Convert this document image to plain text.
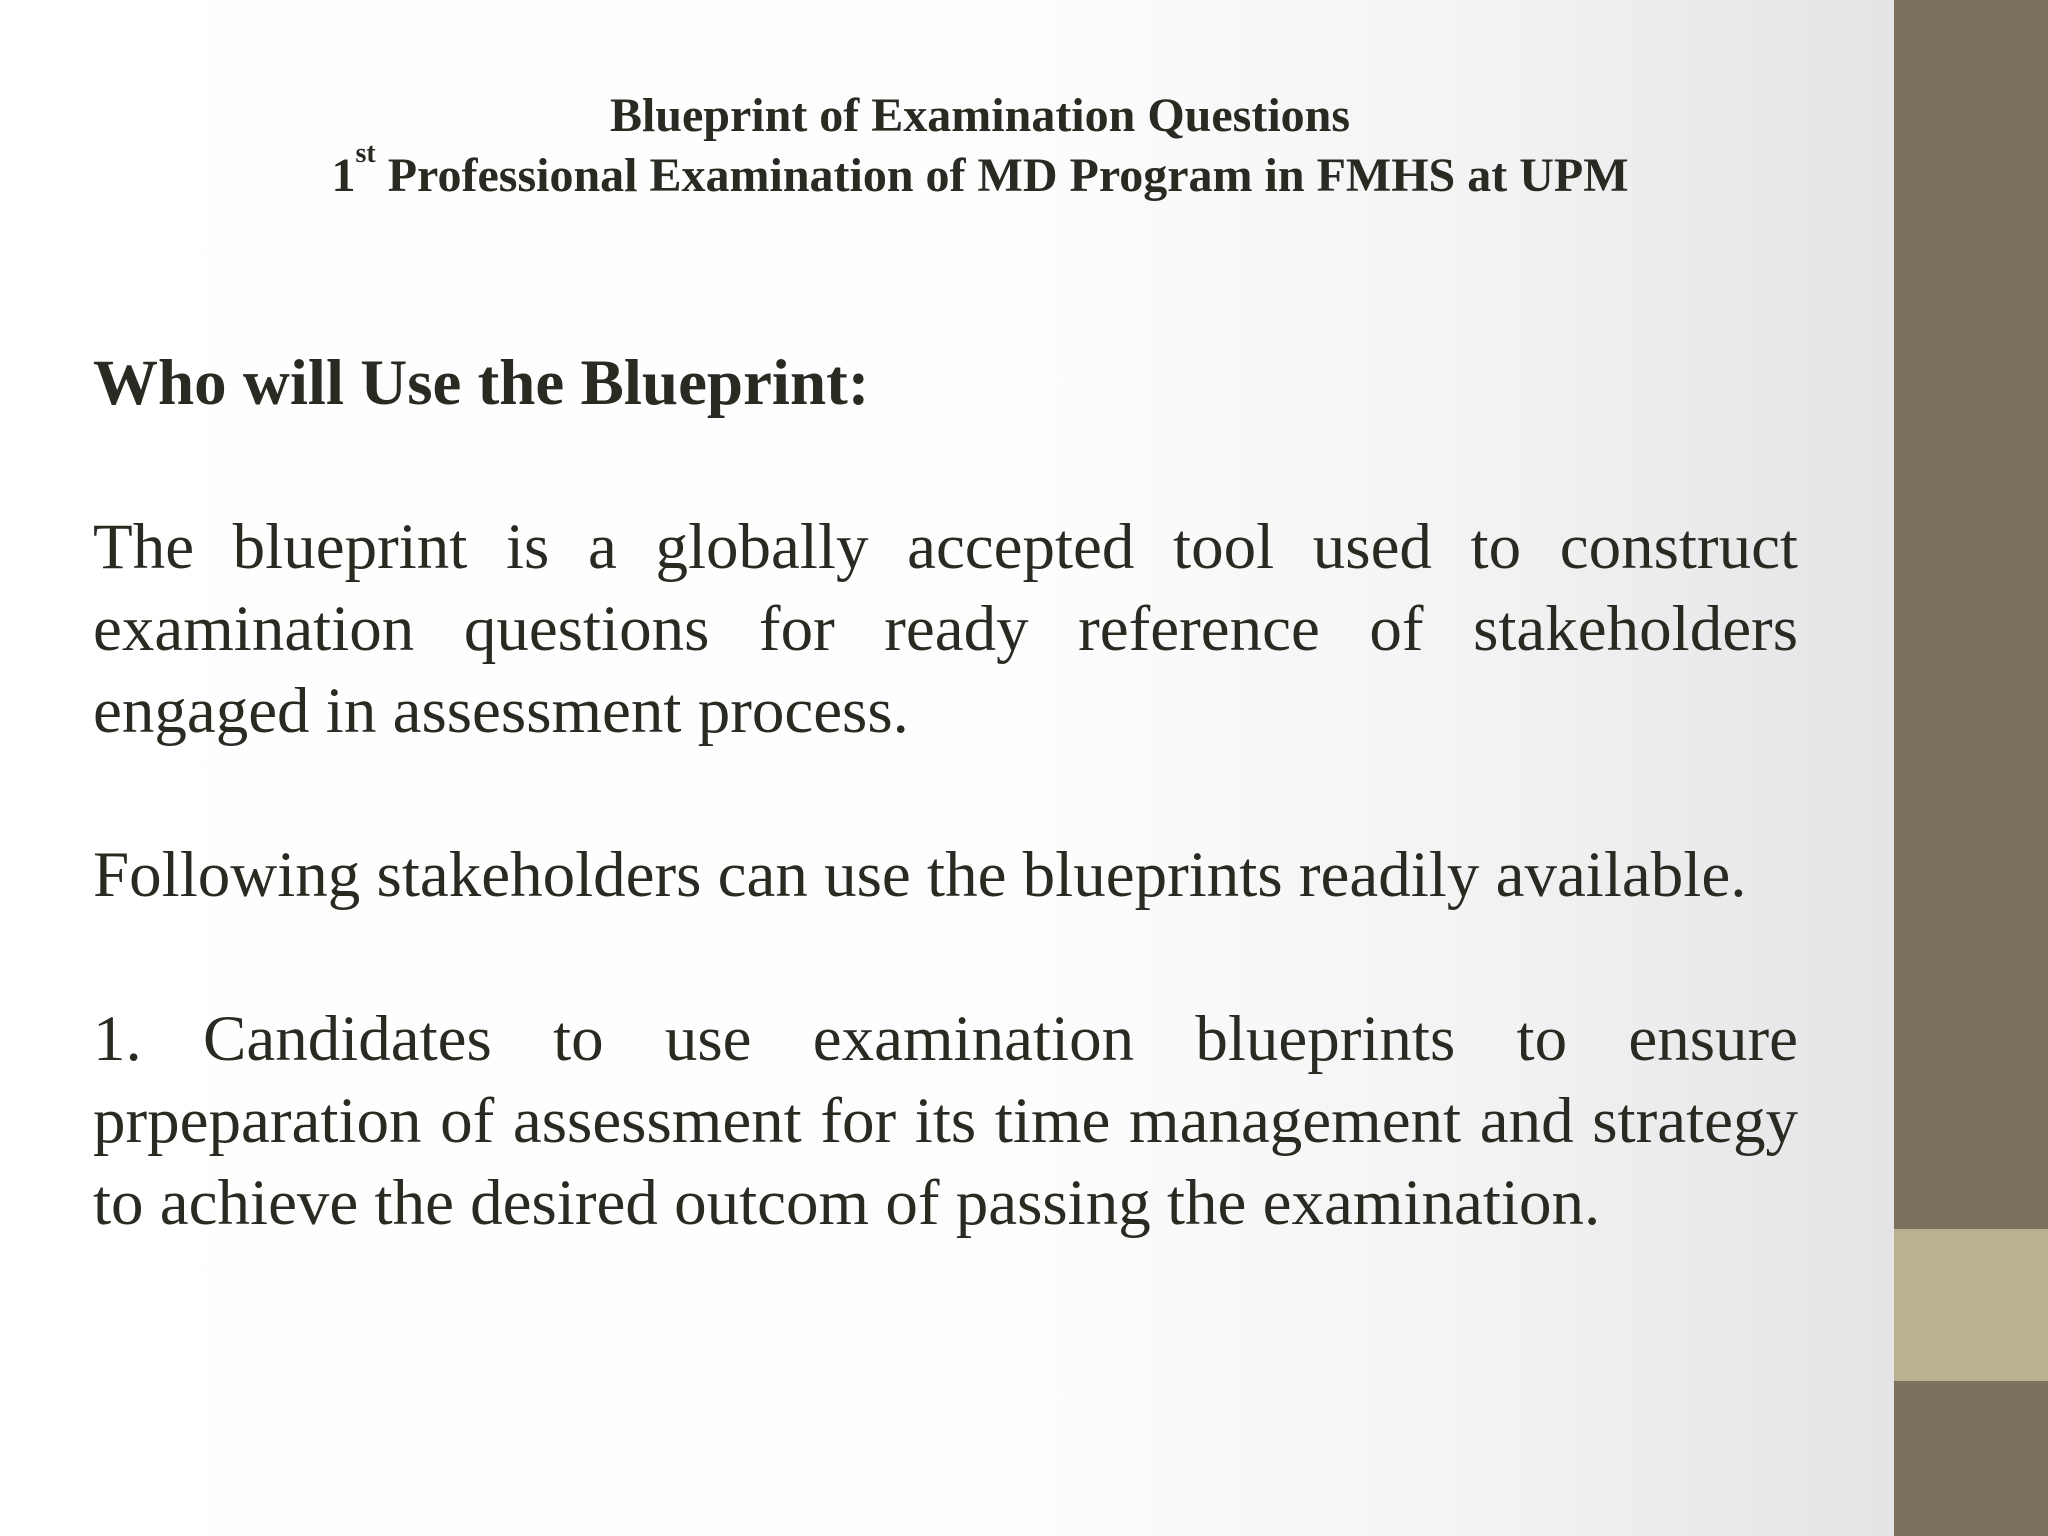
Blueprint of Examination Questions
1st Professional Examination of MD Program in FMHS at UPM
Who will Use the Blueprint:

The blueprint is a globally accepted tool used to construct examination questions for ready reference of stakeholders engaged in assessment process.

Following stakeholders can use the blueprints readily available.

1. Candidates to use examination blueprints to ensure prpeparation of assessment for its time management and strategy to achieve the desired outcom of passing the examination.
